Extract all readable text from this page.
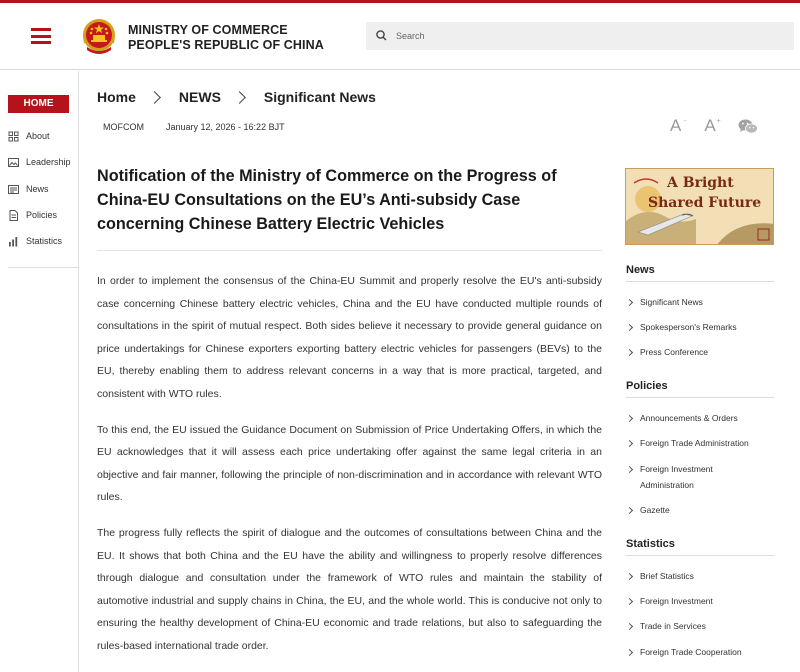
MINISTRY OF COMMERCE
PEOPLE'S REPUBLIC OF CHINA
Search
HOME
About
Leadership
News
Policies
Statistics
Home	NEWS	Significant News
MOFCOM January 12, 2026 - 16:22 BJT	A - A +
Notification of the Ministry of Commerce on the Progress of China-EU Consultations on the EU’s Anti-subsidy Case concerning Chinese Battery Electric Vehicles

In order to implement the consensus of the China-EU Summit and properly resolve the EU's anti-subsidy case concerning Chinese battery electric vehicles, China and the EU have conducted multiple rounds of consultations in the spirit of mutual respect. Both sides believe it necessary to provide general guidance on price undertakings for Chinese exporters exporting battery electric vehicles for passengers (BEVs) to the EU, thereby enabling them to address relevant concerns in a way that is more practical, targeted, and consistent with WTO rules.

To this end, the EU issued the Guidance Document on Submission of Price Undertaking Offers, in which the EU acknowledges that it will assess each price undertaking offer against the same legal criteria in an objective and fair manner, following the principle of non-discrimination and in accordance with relevant WTO rules.

The progress fully reflects the spirit of dialogue and the outcomes of consultations between China and the EU. It shows that both China and the EU have the ability and willingness to properly resolve differences through dialogue and consultation under the framework of WTO rules and maintain the stability of automotive industrial and supply chains in China, the EU, and the whole world. This is conducive not only to ensuring the healthy development of China-EU economic and trade relations, but also to safeguarding the rules-based international trade order.

A Bright
Shared Future
News
Significant News
Spokesperson's Remarks
Press Conference
Policies
Announcements & Orders
Foreign Trade Administration
Foreign Investment Administration
Gazette
Statistics
Brief Statistics
Foreign Investment
Trade in Services
Foreign Trade Cooperation
